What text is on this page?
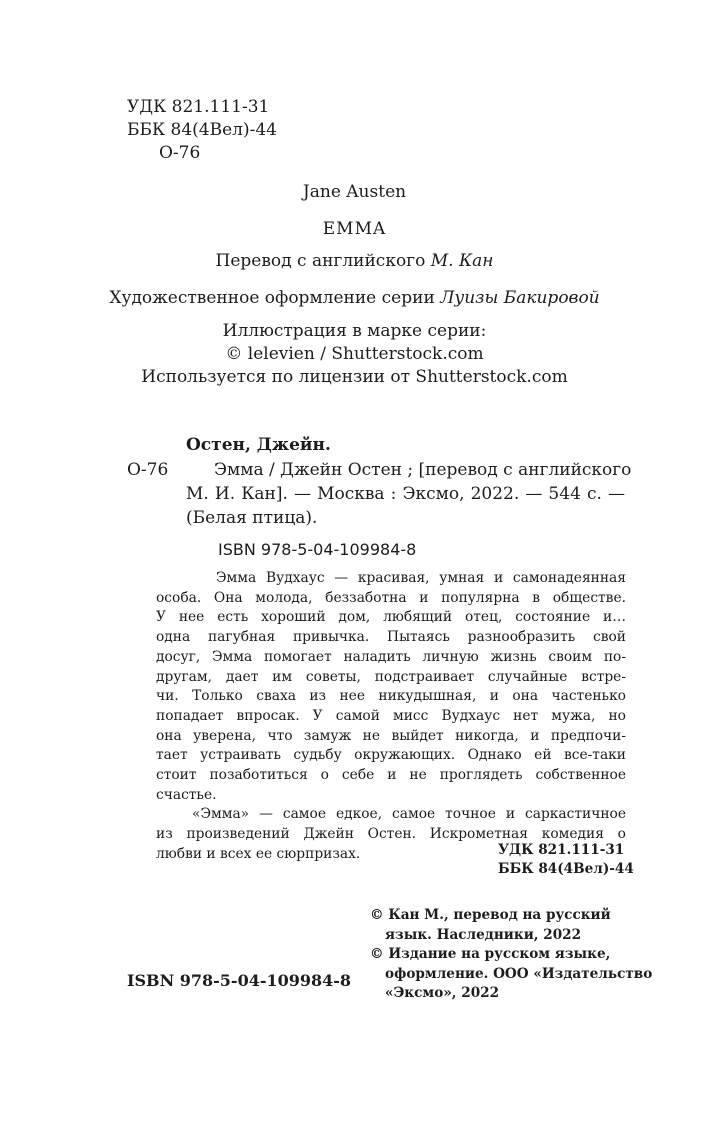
УДК 821.111-31
ББК 84(4Вел)-44
О-76
Jane Austen
EMMA
Перевод с английского М. Кан
Художественное оформление серии Луизы Бакировой
Иллюстрация в марке серии:
© lelevien / Shutterstock.com
Используется по лицензии от Shutterstock.com
Остен, Джейн.
О-76	Эмма / Джейн Остен ; [перевод с английского
М. И. Кан]. — Москва : Эксмо, 2022. — 544 с. —
(Белая птица).
ISBN 978-5-04-109984-8
Эмма Вудхаус — красивая, умная и самонадеянная
особа. Она молода, беззаботна и популярна в обществе.
У нее есть хороший дом, любящий отец, состояние и…
одна пагубная привычка. Пытаясь разнообразить свой
досуг, Эмма помогает наладить личную жизнь своим по-
другам, дает им советы, подстраивает случайные встре-
чи. Только сваха из нее никудышная, и она частенько
попадает впросак. У самой мисс Вудхаус нет мужа, но
она уверена, что замуж не выйдет никогда, и предпочи-
тает устраивать судьбу окружающих. Однако ей все-таки
стоит позаботиться о себе и не проглядеть собственное
счастье.
«Эмма» — самое едкое, самое точное и саркастичное
из произведений Джейн Остен. Искрометная комедия о
любви и всех ее сюрпризах.	УДК 821.111-31
ББК 84(4Вел)-44
ISBN 978-5-04-109984-8
© Кан М., перевод на русский
язык. Наследники, 2022
© Издание на русском языке,
оформление. ООО «Издательство
«Эксмо», 2022
